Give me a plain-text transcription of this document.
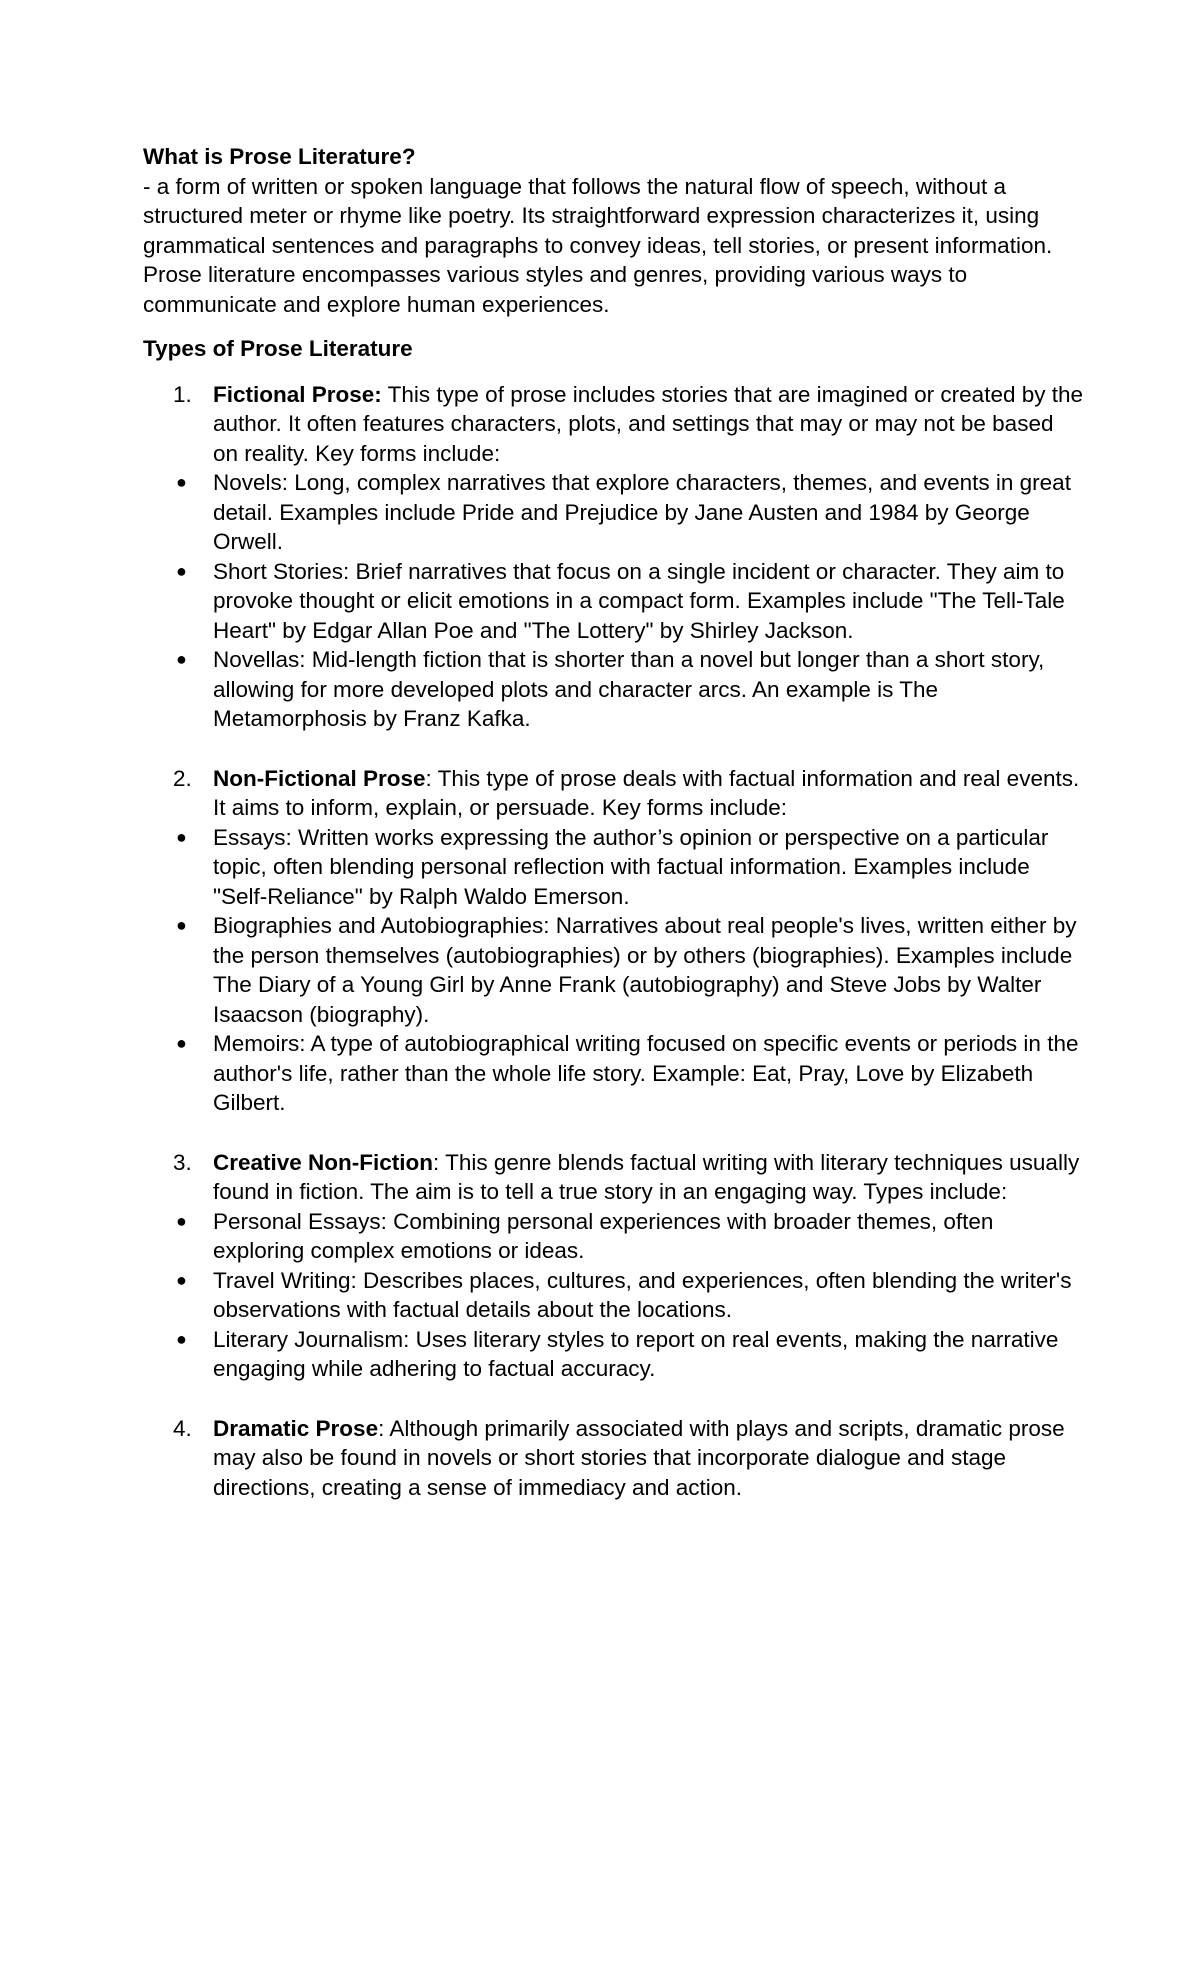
What is Prose Literature?

- a form of written or spoken language that follows the natural flow of speech, without a structured meter or rhyme like poetry. Its straightforward expression characterizes it, using grammatical sentences and paragraphs to convey ideas, tell stories, or present information. Prose literature encompasses various styles and genres, providing various ways to communicate and explore human experiences.

Types of Prose Literature

1. Fictional Prose: This type of prose includes stories that are imagined or created by the author. It often features characters, plots, and settings that may or may not be based on reality. Key forms include:
● Novels: Long, complex narratives that explore characters, themes, and events in great detail. Examples include Pride and Prejudice by Jane Austen and 1984 by George Orwell.
● Short Stories: Brief narratives that focus on a single incident or character. They aim to provoke thought or elicit emotions in a compact form. Examples include "The Tell-Tale Heart" by Edgar Allan Poe and "The Lottery" by Shirley Jackson.
● Novellas: Mid-length fiction that is shorter than a novel but longer than a short story, allowing for more developed plots and character arcs. An example is The Metamorphosis by Franz Kafka.
2. Non-Fictional Prose: This type of prose deals with factual information and real events. It aims to inform, explain, or persuade. Key forms include:
● Essays: Written works expressing the author’s opinion or perspective on a particular topic, often blending personal reflection with factual information. Examples include "Self-Reliance" by Ralph Waldo Emerson.
● Biographies and Autobiographies: Narratives about real people's lives, written either by the person themselves (autobiographies) or by others (biographies). Examples include The Diary of a Young Girl by Anne Frank (autobiography) and Steve Jobs by Walter Isaacson (biography).
● Memoirs: A type of autobiographical writing focused on specific events or periods in the author's life, rather than the whole life story. Example: Eat, Pray, Love by Elizabeth Gilbert.
3. Creative Non-Fiction: This genre blends factual writing with literary techniques usually found in fiction. The aim is to tell a true story in an engaging way. Types include:
● Personal Essays: Combining personal experiences with broader themes, often exploring complex emotions or ideas.
● Travel Writing: Describes places, cultures, and experiences, often blending the writer's observations with factual details about the locations.
● Literary Journalism: Uses literary styles to report on real events, making the narrative engaging while adhering to factual accuracy.
4. Dramatic Prose: Although primarily associated with plays and scripts, dramatic prose may also be found in novels or short stories that incorporate dialogue and stage directions, creating a sense of immediacy and action.
